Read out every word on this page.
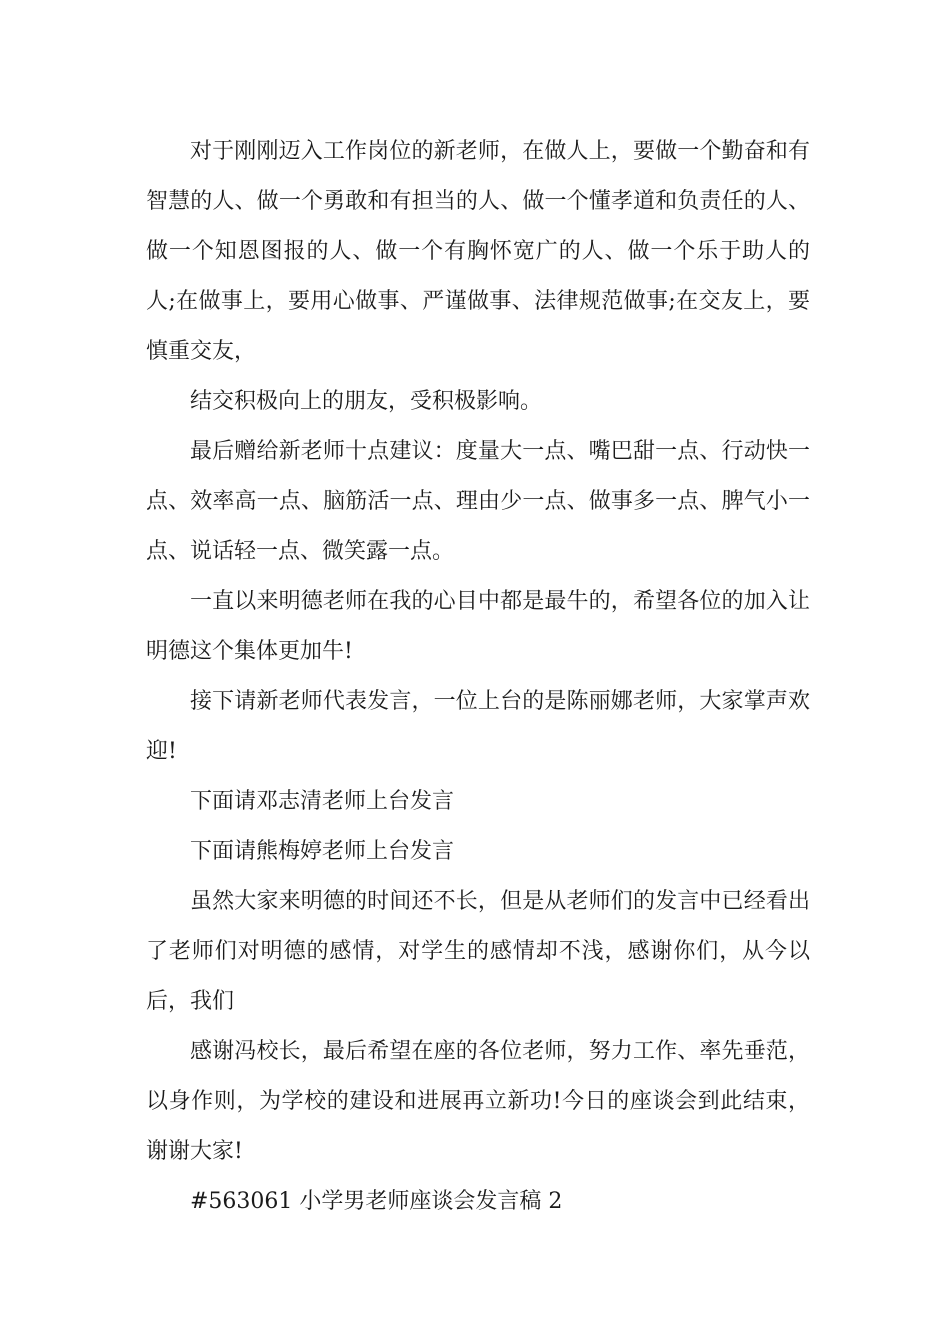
对于刚刚迈入工作岗位的新老师，在做人上，要做一个勤奋和有智慧的人、做一个勇敢和有担当的人、做一个懂孝道和负责任的人、做一个知恩图报的人、做一个有胸怀宽广的人、做一个乐于助人的人;在做事上，要用心做事、严谨做事、法律规范做事;在交友上，要慎重交友，

结交积极向上的朋友，受积极影响。

最后赠给新老师十点建议：度量大一点、嘴巴甜一点、行动快一点、效率高一点、脑筋活一点、理由少一点、做事多一点、脾气小一点、说话轻一点、微笑露一点。

一直以来明德老师在我的心目中都是最牛的，希望各位的加入让明德这个集体更加牛!

接下请新老师代表发言，一位上台的是陈丽娜老师，大家掌声欢迎!

下面请邓志清老师上台发言

下面请熊梅婷老师上台发言

虽然大家来明德的时间还不长，但是从老师们的发言中已经看出了老师们对明德的感情，对学生的感情却不浅，感谢你们，从今以后，我们

感谢冯校长，最后希望在座的各位老师，努力工作、率先垂范，以身作则，为学校的建设和进展再立新功!今日的座谈会到此结束，谢谢大家!

#563061 小学男老师座谈会发言稿 2
